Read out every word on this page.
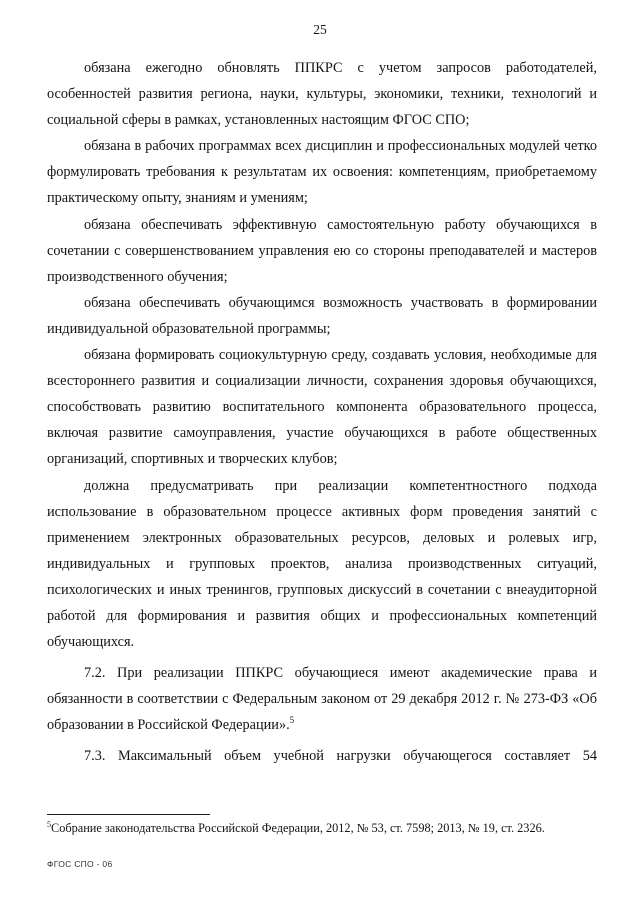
25

обязана ежегодно обновлять ППКРС с учетом запросов работодателей, особенностей развития региона, науки, культуры, экономики, техники, технологий и социальной сферы в рамках, установленных настоящим ФГОС СПО;

обязана в рабочих программах всех дисциплин и профессиональных модулей четко формулировать требования к результатам их освоения: компетенциям, приобретаемому практическому опыту, знаниям и умениям;

обязана обеспечивать эффективную самостоятельную работу обучающихся в сочетании с совершенствованием управления ею со стороны преподавателей и мастеров производственного обучения;

обязана обеспечивать обучающимся возможность участвовать в формировании индивидуальной образовательной программы;

обязана формировать социокультурную среду, создавать условия, необходимые для всестороннего развития и социализации личности, сохранения здоровья обучающихся, способствовать развитию воспитательного компонента образовательного процесса, включая развитие самоуправления, участие обучающихся в работе общественных организаций, спортивных и творческих клубов;

должна предусматривать при реализации компетентностного подхода использование в образовательном процессе активных форм проведения занятий с применением электронных образовательных ресурсов, деловых и ролевых игр, индивидуальных и групповых проектов, анализа производственных ситуаций, психологических и иных тренингов, групповых дискуссий в сочетании с внеаудиторной работой для формирования и развития общих и профессиональных компетенций обучающихся.

7.2. При реализации ППКРС обучающиеся имеют академические права и обязанности в соответствии с Федеральным законом от 29 декабря 2012 г. № 273-ФЗ «Об образовании в Российской Федерации».$^5$

7.3. Максимальный объем учебной нагрузки обучающегося составляет 54

$^5$Собрание законодательства Российской Федерации, 2012, № 53, ст. 7598; 2013, № 19, ст. 2326.
ФГОС СПО - 06
